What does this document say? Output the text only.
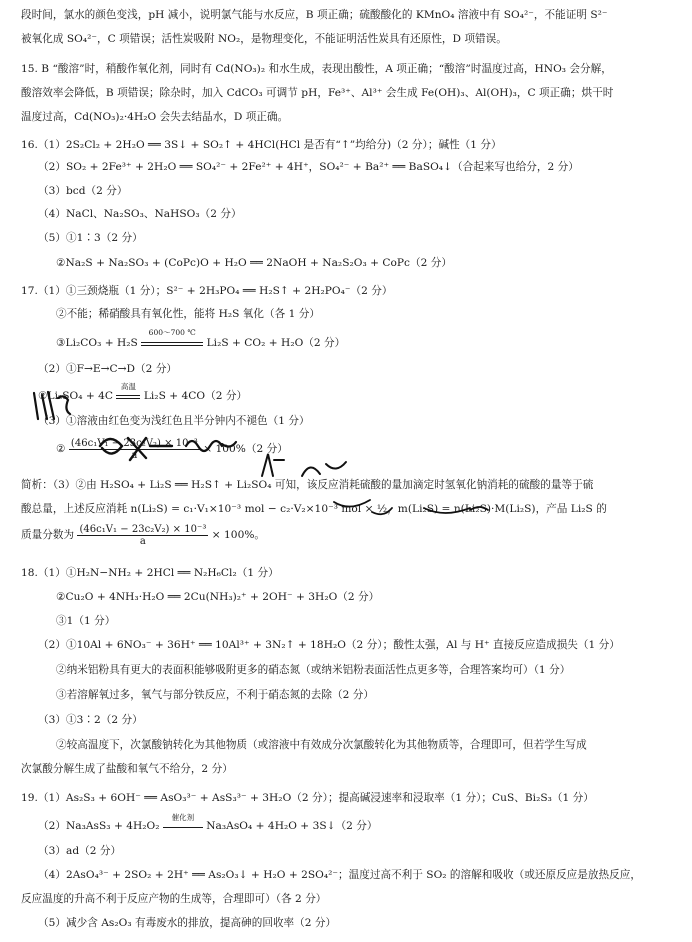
段时间，氯水的颜色变浅，pH 减小，说明氯气能与水反应，B 项正确；硫酸酸化的 KMnO₄ 溶液中有 SO₄²⁻，不能证明 S²⁻
被氧化成 SO₄²⁻，C 项错误；活性炭吸附 NO₂，是物理变化，不能证明活性炭具有还原性，D 项错误。
15. B “酸溶”时，稍酸作氧化剂，同时有 Cd(NO₃)₂ 和水生成，表现出酸性，A 项正确；“酸溶”时温度过高，HNO₃ 会分解，
酸溶效率会降低，B 项错误；除杂时，加入 CdCO₃ 可调节 pH，Fe³⁺、Al³⁺ 会生成 Fe(OH)₃、Al(OH)₃，C 项正确；烘干时
温度过高，Cd(NO₃)₂·4H₂O 会失去结晶水，D 项正确。
16.（1）2S₂Cl₂ + 2H₂O ══ 3S↓ + SO₂↑ + 4HCl(HCl 是否有“↑”均给分)（2 分）；碱性（1 分）
（2）SO₂ + 2Fe³⁺ + 2H₂O ══ SO₄²⁻ + 2Fe²⁺ + 4H⁺，SO₄²⁻ + Ba²⁺ ══ BaSO₄↓（合起来写也给分，2 分）
（3）bcd（2 分）
（4）NaCl、Na₂SO₃、NaHSO₃（2 分）
（5）①1∶3（2 分）
②Na₂S + Na₂SO₃ + (CoPc)O + H₂O ══ 2NaOH + Na₂S₂O₃ + CoPc（2 分）
17.（1）①三颈烧瓶（1 分）；S²⁻ + 2H₃PO₄ ══ H₂S↑ + 2H₂PO₄⁻（2 分）
②不能；稀硝酸具有氧化性，能将 H₂S 氧化（各 1 分）
③Li₂CO₃ + H₂S
600～700 ℃
Li₂S + CO₂ + H₂O（2 分）
（2）①F→E→C→D（2 分）
②Li₂SO₄ + 4C
高温
Li₂S + 4CO（2 分）
（3）①溶液由红色变为浅红色且半分钟内不褪色（1 分）
② $\frac{\text{(46c₁V₁ − 23c₂V₂) × 10⁻³}}{a} \times 100\%(2$ 分）
简析：（3）②由 H₂SO₄ + Li₂S ══ H₂S↑ + Li₂SO₄ 可知，该反应消耗硫酸的量加滴定时氢氧化钠消耗的硫酸的量等于硫
酸总量，上述反应消耗 n(Li₂S) = c₁·V₁×10⁻³ mol − c₂·V₂×10⁻³ mol × ½，m(Li₂S) = n(Li₂S)·M(Li₂S)，产品 Li₂S 的
质量分数为 $\frac{\text{(46c₁V₁ − 23c₂V₂) × 10⁻³}}{a} \times 100\%$。
18.（1）①H₂N−NH₂ + 2HCl ══ N₂H₆Cl₂（1 分）
②Cu₂O + 4NH₃·H₂O ══ 2Cu(NH₃)₂⁺ + 2OH⁻ + 3H₂O（2 分）
③1（1 分）
（2）①10Al + 6NO₃⁻ + 36H⁺ ══ 10Al³⁺ + 3N₂↑ + 18H₂O（2 分）；酸性太强，Al 与 H⁺ 直接反应造成损失（1 分）
②纳米铝粉具有更大的表面积能够吸附更多的硝态氮（或纳米铝粉表面活性点更多等，合理答案均可）（1 分）
③若溶解氧过多，氧气与部分铁反应，不利于硝态氮的去除（2 分）
（3）①3∶2（2 分）
②较高温度下，次氯酸钠转化为其他物质（或溶液中有效成分次氯酸转化为其他物质等，合理即可，但若学生写成
次氯酸分解生成了盐酸和氧气不给分，2 分）
19.（1）As₂S₃ + 6OH⁻ ══ AsO₃³⁻ + AsS₃³⁻ + 3H₂O（2 分）；提高碱浸速率和浸取率（1 分）；CuS、Bi₂S₃（1 分）
（2）Na₃AsS₃ + 4H₂O₂
催化剂
Na₃AsO₄ + 4H₂O + 3S↓（2 分）
（3）ad（2 分）
（4）2AsO₄³⁻ + 2SO₂ + 2H⁺ ══ As₂O₃↓ + H₂O + 2SO₄²⁻；温度过高不利于 SO₂ 的溶解和吸收（或还原反应是放热反应，
反应温度的升高不利于反应产物的生成等，合理即可）（各 2 分）
（5）减少含 As₂O₃ 有毒废水的排放，提高砷的回收率（2 分）
